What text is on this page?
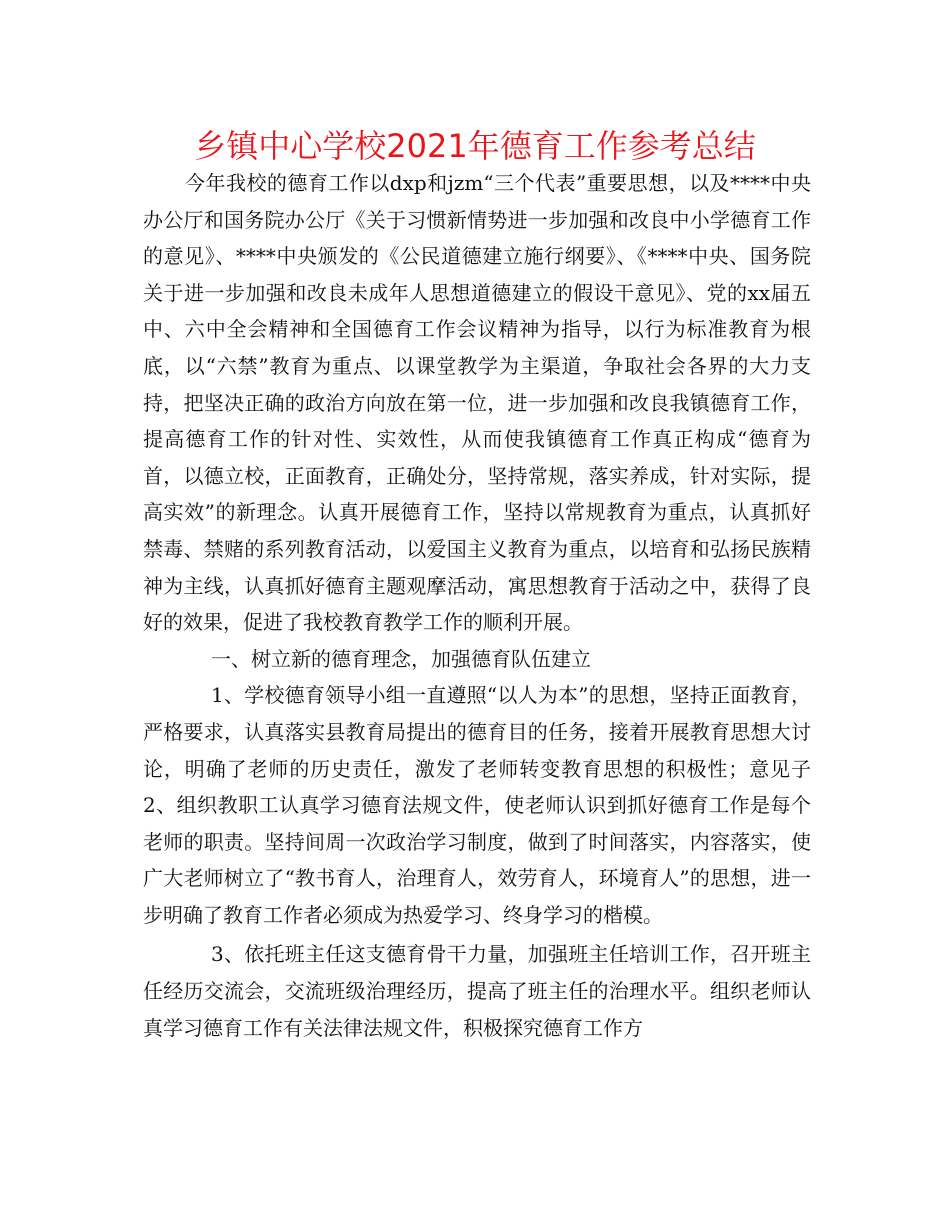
乡镇中心学校2021年德育工作参考总结

今年我校的德育工作以dxp和jzm“三个代表”重要思想，以及****中央办公厅和国务院办公厅《关于习惯新情势进一步加强和改良中小学德育工作的意见》、****中央颁发的《公民道德建立施行纲要》、《****中央、国务院关于进一步加强和改良未成年人思想道德建立的假设干意见》、党的xx届五中、六中全会精神和全国德育工作会议精神为指导，以行为标准教育为根底，以“六禁”教育为重点、以课堂教学为主渠道，争取社会各界的大力支持，把坚决正确的政治方向放在第一位，进一步加强和改良我镇德育工作，提高德育工作的针对性、实效性，从而使我镇德育工作真正构成“德育为首，以德立校，正面教育，正确处分，坚持常规，落实养成，针对实际，提高实效”的新理念。认真开展德育工作，坚持以常规教育为重点，认真抓好禁毒、禁赌的系列教育活动，以爱国主义教育为重点，以培育和弘扬民族精神为主线，认真抓好德育主题观摩活动，寓思想教育于活动之中，获得了良好的效果，促进了我校教育教学工作的顺利开展。

一、树立新的德育理念，加强德育队伍建立

1、学校德育领导小组一直遵照“以人为本”的思想，坚持正面教育，严格要求，认真落实县教育局提出的德育目的任务，接着开展教育思想大讨论，明确了老师的历史责任，激发了老师转变教育思想的积极性；意见子 2、组织教职工认真学习德育法规文件，使老师认识到抓好德育工作是每个老师的职责。坚持间周一次政治学习制度，做到了时间落实，内容落实，使广大老师树立了“教书育人，治理育人，效劳育人，环境育人”的思想，进一步明确了教育工作者必须成为热爱学习、终身学习的楷模。

3、依托班主任这支德育骨干力量，加强班主任培训工作，召开班主任经历交流会，交流班级治理经历，提高了班主任的治理水平。组织老师认真学习德育工作有关法律法规文件，积极探究德育工作方
